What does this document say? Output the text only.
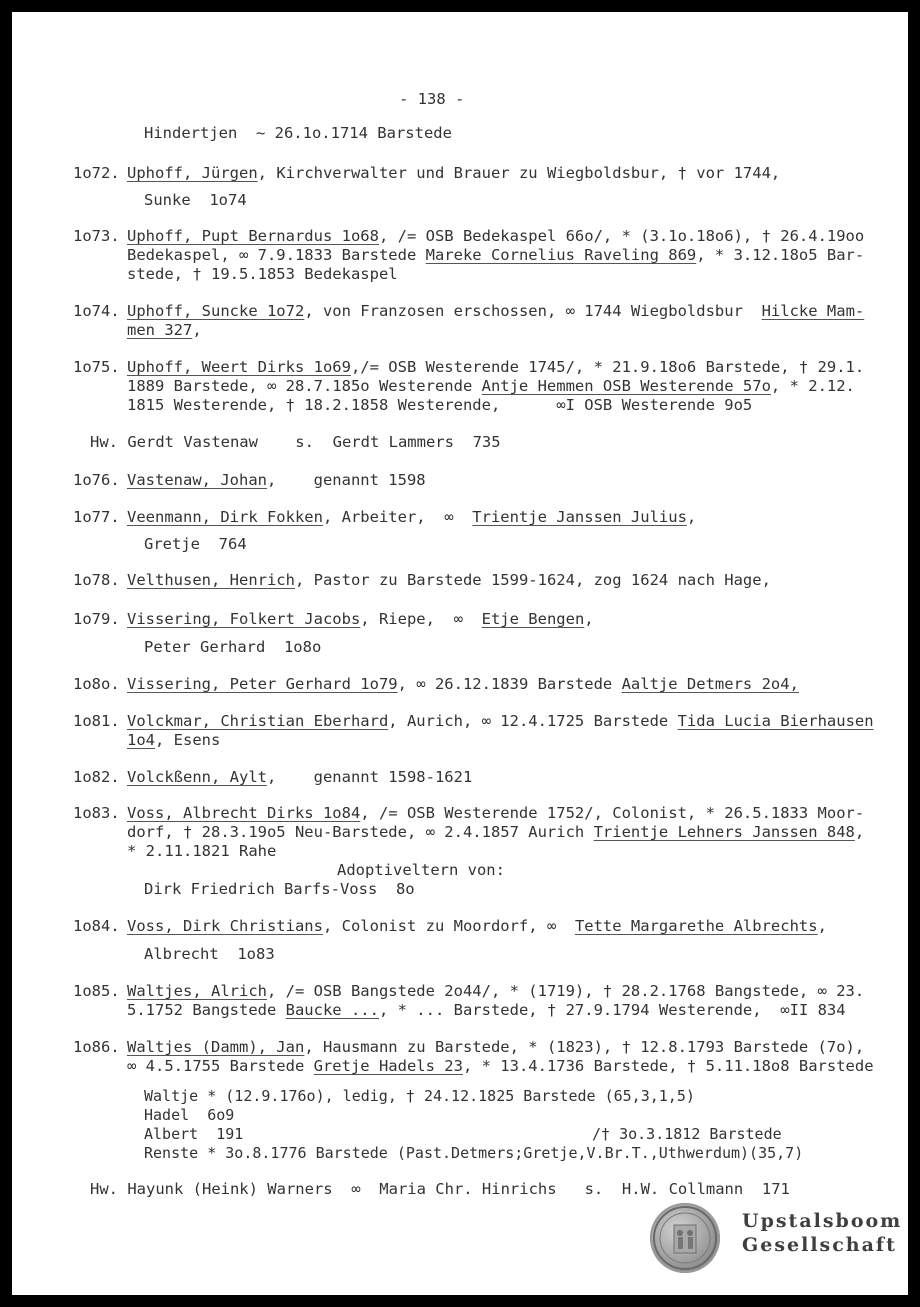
- 138 -
Hindertjen  ~ 26.1o.1714 Barstede
1o72. Uphoff, Jürgen, Kirchverwalter und Brauer zu Wiegboldsbur, † vor 1744,
Sunke  1o74
1o73. Uphoff, Pupt Bernardus 1o68, /= OSB Bedekaspel 66o/, * (3.1o.18o6), † 26.4.19oo
Bedekaspel, ∞ 7.9.1833 Barstede Mareke Cornelius Raveling 869, * 3.12.18o5 Bar-
stede, † 19.5.1853 Bedekaspel
1o74. Uphoff, Suncke 1o72, von Franzosen erschossen, ∞ 1744 Wiegboldsbur  Hilcke Mam-
men 327,
1o75. Uphoff, Weert Dirks 1o69,/= OSB Westerende 1745/, * 21.9.18o6 Barstede, † 29.1.
1889 Barstede, ∞ 28.7.185o Westerende Antje Hemmen OSB Westerende 57o, * 2.12.
1815 Westerende, † 18.2.1858 Westerende,      ∞I OSB Westerende 9o5
Hw. Gerdt Vastenaw    s.  Gerdt Lammers  735
1o76. Vastenaw, Johan,    genannt 1598
1o77. Veenmann, Dirk Fokken, Arbeiter,  ∞  Trientje Janssen Julius,
Gretje  764
1o78. Velthusen, Henrich, Pastor zu Barstede 1599-1624, zog 1624 nach Hage,
1o79. Vissering, Folkert Jacobs, Riepe,  ∞  Etje Bengen,
Peter Gerhard  1o8o
1o8o. Vissering, Peter Gerhard 1o79, ∞ 26.12.1839 Barstede Aaltje Detmers 2o4,
1o81. Volckmar, Christian Eberhard, Aurich, ∞ 12.4.1725 Barstede Tida Lucia Bierhausen
1o4, Esens
1o82. Volckßenn, Aylt,    genannt 1598-1621
1o83. Voss, Albrecht Dirks 1o84, /= OSB Westerende 1752/, Colonist, * 26.5.1833 Moor-
dorf, † 28.3.19o5 Neu-Barstede, ∞ 2.4.1857 Aurich Trientje Lehners Janssen 848,
* 2.11.1821 Rahe
Adoptiveltern von:
Dirk Friedrich Barfs-Voss  8o
1o84. Voss, Dirk Christians, Colonist zu Moordorf, ∞  Tette Margarethe Albrechts,
Albrecht  1o83
1o85. Waltjes, Alrich, /= OSB Bangstede 2o44/, * (1719), † 28.2.1768 Bangstede, ∞ 23.
5.1752 Bangstede Baucke ..., * ... Barstede, † 27.9.1794 Westerende,  ∞II 834
1o86. Waltjes (Damm), Jan, Hausmann zu Barstede, * (1823), † 12.8.1793 Barstede (7o),
∞ 4.5.1755 Barstede Gretje Hadels 23, * 13.4.1736 Barstede, † 5.11.18o8 Barstede
Waltje * (12.9.176o), ledig, † 24.12.1825 Barstede (65,3,1,5)
Hadel  6o9
Albert  191	/† 3o.3.1812 Barstede
Renste * 3o.8.1776 Barstede (Past.Detmers;Gretje,V.Br.T.,Uthwerdum)(35,7)
Hw. Hayunk (Heink) Warners  ∞  Maria Chr. Hinrichs   s.  H.W. Collmann  171
Upstalsboom
Gesellschaft
